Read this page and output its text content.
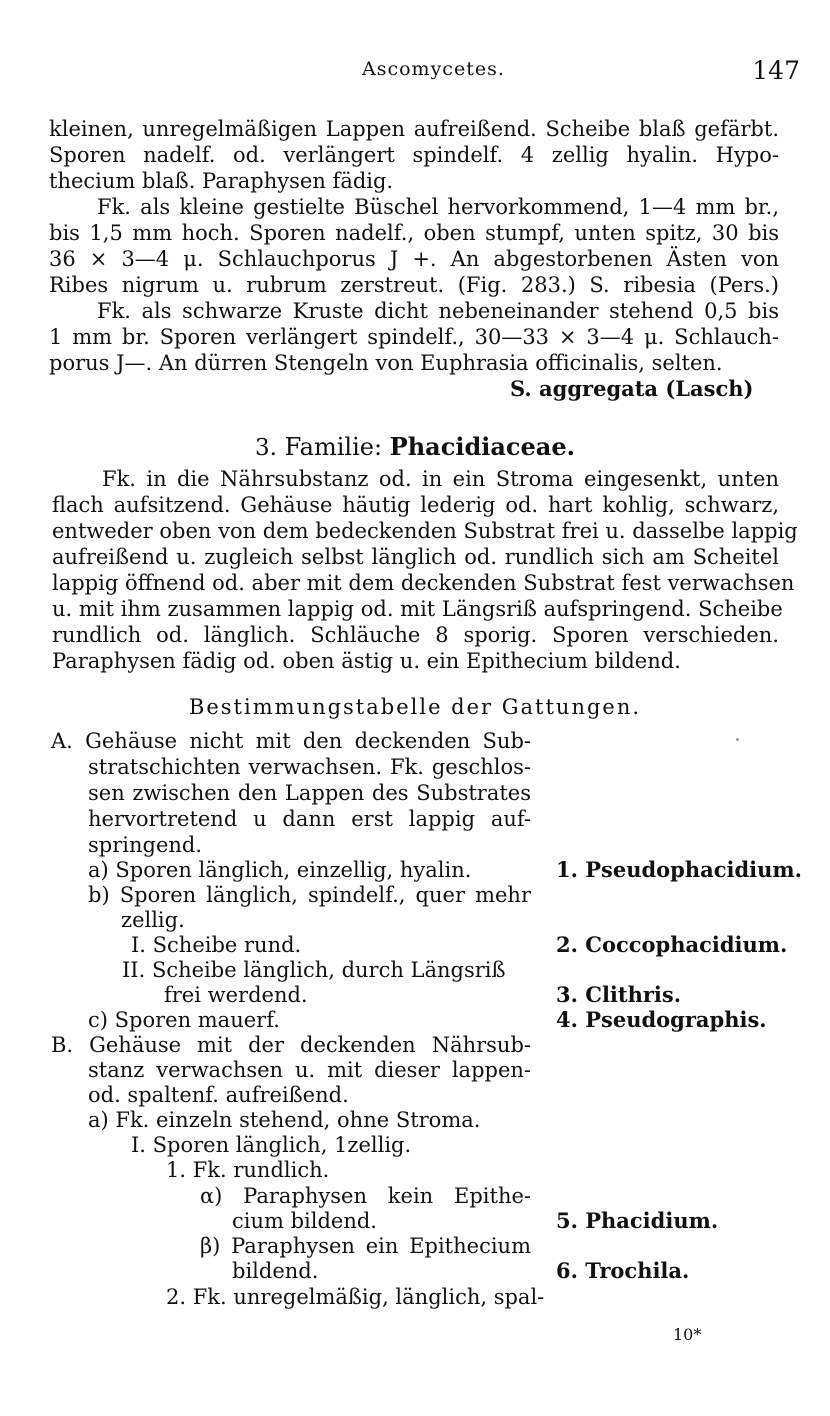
Ascomycetes.	147
kleinen, unregelmäßigen Lappen aufreißend. Scheibe blaß gefärbt.
Sporen nadelf. od. verlängert spindelf. 4 zellig hyalin. Hypo-
thecium blaß. Paraphysen fädig.
Fk. als kleine gestielte Büschel hervorkommend, 1—4 mm br.,
bis 1,5 mm hoch. Sporen nadelf., oben stumpf, unten spitz, 30 bis
36 × 3—4 μ. Schlauchporus J +. An abgestorbenen Ästen von
Ribes nigrum u. rubrum zerstreut. (Fig. 283.) S. ribesia (Pers.)
Fk. als schwarze Kruste dicht nebeneinander stehend 0,5 bis
1 mm br. Sporen verlängert spindelf., 30—33 × 3—4 μ. Schlauch-
porus J—. An dürren Stengeln von Euphrasia officinalis, selten.
S. aggregata (Lasch)
3. Familie: Phacidiaceae.
Fk. in die Nährsubstanz od. in ein Stroma eingesenkt, unten
flach aufsitzend. Gehäuse häutig lederig od. hart kohlig, schwarz,
entweder oben von dem bedeckenden Substrat frei u. dasselbe lappig
aufreißend u. zugleich selbst länglich od. rundlich sich am Scheitel
lappig öffnend od. aber mit dem deckenden Substrat fest verwachsen
u. mit ihm zusammen lappig od. mit Längsriß aufspringend. Scheibe
rundlich od. länglich. Schläuche 8 sporig. Sporen verschieden.
Paraphysen fädig od. oben ästig u. ein Epithecium bildend.
Bestimmungstabelle der Gattungen.
A. Gehäuse nicht mit den deckenden Sub-
stratschichten verwachsen. Fk. geschlos-
sen zwischen den Lappen des Substrates
hervortretend u dann erst lappig auf-
springend.
a) Sporen länglich, einzellig, hyalin.
b) Sporen länglich, spindelf., quer mehr
zellig.
I. Scheibe rund.
II. Scheibe länglich, durch Längsriß
frei werdend.
c) Sporen mauerf.
B. Gehäuse mit der deckenden Nährsub-
stanz verwachsen u. mit dieser lappen-
od. spaltenf. aufreißend.
a) Fk. einzeln stehend, ohne Stroma.
I. Sporen länglich, 1zellig.
1. Fk. rundlich.
α) Paraphysen kein Epithe-
cium bildend.
β) Paraphysen ein Epithecium
bildend.
2. Fk. unregelmäßig, länglich, spal-
1. Pseudophacidium.
2. Coccophacidium.
3. Clithris.
4. Pseudographis.
5. Phacidium.
6. Trochila.
10*
